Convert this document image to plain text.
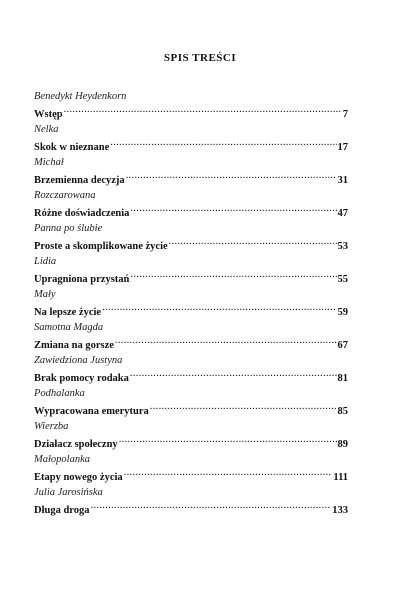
SPIS TREŚCI
Benedykt Heydenkorn
Wstęp .....	7
Nelka
Skok w nieznane .....	17
Michał
Brzemienna decyzja .....	31
Rozczarowana
Różne doświadczenia .....	47
Panna po ślubie
Proste a skomplikowane życie .....	53
Lidia
Upragniona przystań .....	55
Mały
Na lepsze życie .....	59
Samotna Magda
Zmiana na gorsze .....	67
Zawiedziona Justyna
Brak pomocy rodaka .....	81
Podhalanka
Wypracowana emerytura .....	85
Wierzba
Działacz społeczny .....	89
Małopolanka
Etapy nowego życia .....	111
Julia Jarosińska
Długa droga .....	133
